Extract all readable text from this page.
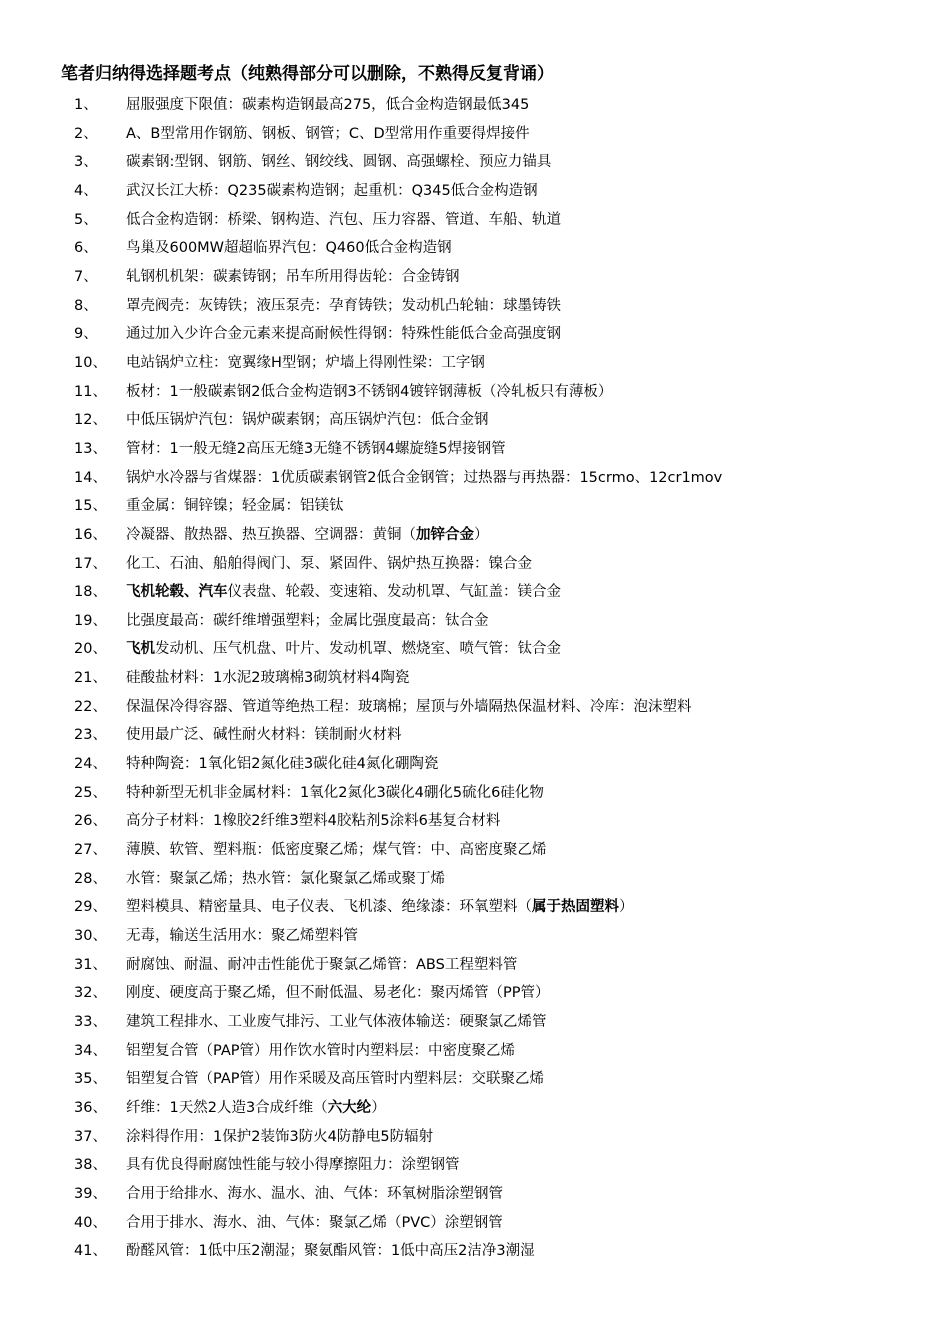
笔者归纳得选择题考点（纯熟得部分可以删除，不熟得反复背诵）
1、	屈服强度下限值：碳素构造钢最高275，低合金构造钢最低345
2、	A、B型常用作钢筋、钢板、钢管；C、D型常用作重要得焊接件
3、	碳素钢:型钢、钢筋、钢丝、钢绞线、圆钢、高强螺栓、预应力锚具
4、	武汉长江大桥：Q235碳素构造钢；起重机：Q345低合金构造钢
5、	低合金构造钢：桥梁、钢构造、汽包、压力容器、管道、车船、轨道
6、	鸟巢及600MW超超临界汽包：Q460低合金构造钢
7、	轧钢机机架：碳素铸钢；吊车所用得齿轮：合金铸钢
8、	罩壳阀壳：灰铸铁；液压泵壳：孕育铸铁；发动机凸轮轴：球墨铸铁
9、	通过加入少许合金元素来提高耐候性得钢：特殊性能低合金高强度钢
10、	电站锅炉立柱：宽翼缘H型钢；炉墙上得刚性梁：工字钢
11、	板材：1一般碳素钢2低合金构造钢3不锈钢4镀锌钢薄板（冷轧板只有薄板）
12、	中低压锅炉汽包：锅炉碳素钢；高压锅炉汽包：低合金钢
13、	管材：1一般无缝2高压无缝3无缝不锈钢4螺旋缝5焊接钢管
14、	锅炉水冷器与省煤器：1优质碳素钢管2低合金钢管；过热器与再热器：15crmo、12cr1mov
15、	重金属：铜锌镍；轻金属：铝镁钛
16、	冷凝器、散热器、热互换器、空调器：黄铜（加锌合金）
17、	化工、石油、船舶得阀门、泵、紧固件、锅炉热互换器：镍合金
18、	飞机轮毂、汽车仪表盘、轮毂、变速箱、发动机罩、气缸盖：镁合金
19、	比强度最高：碳纤维增强塑料；金属比强度最高：钛合金
20、	飞机发动机、压气机盘、叶片、发动机罩、燃烧室、喷气管：钛合金
21、	硅酸盐材料：1水泥2玻璃棉3砌筑材料4陶瓷
22、	保温保冷得容器、管道等绝热工程：玻璃棉；屋顶与外墙隔热保温材料、冷库：泡沫塑料
23、	使用最广泛、碱性耐火材料：镁制耐火材料
24、	特种陶瓷：1氧化铝2氮化硅3碳化硅4氮化硼陶瓷
25、	特种新型无机非金属材料：1氧化2氮化3碳化4硼化5硫化6硅化物
26、	高分子材料：1橡胶2纤维3塑料4胶粘剂5涂料6基复合材料
27、	薄膜、软管、塑料瓶：低密度聚乙烯；煤气管：中、高密度聚乙烯
28、	水管：聚氯乙烯；热水管：氯化聚氯乙烯或聚丁烯
29、	塑料模具、精密量具、电子仪表、飞机漆、绝缘漆：环氧塑料（属于热固塑料）
30、	无毒，输送生活用水：聚乙烯塑料管
31、	耐腐蚀、耐温、耐冲击性能优于聚氯乙烯管：ABS工程塑料管
32、	刚度、硬度高于聚乙烯，但不耐低温、易老化：聚丙烯管（PP管）
33、	建筑工程排水、工业废气排污、工业气体液体输送：硬聚氯乙烯管
34、	铝塑复合管（PAP管）用作饮水管时内塑料层：中密度聚乙烯
35、	铝塑复合管（PAP管）用作采暖及高压管时内塑料层：交联聚乙烯
36、	纤维：1天然2人造3合成纤维（六大纶）
37、	涂料得作用：1保护2装饰3防火4防静电5防辐射
38、	具有优良得耐腐蚀性能与较小得摩擦阻力：涂塑钢管
39、	合用于给排水、海水、温水、油、气体：环氧树脂涂塑钢管
40、	合用于排水、海水、油、气体：聚氯乙烯（PVC）涂塑钢管
41、	酚醛风管：1低中压2潮湿；聚氨酯风管：1低中高压2洁净3潮湿
